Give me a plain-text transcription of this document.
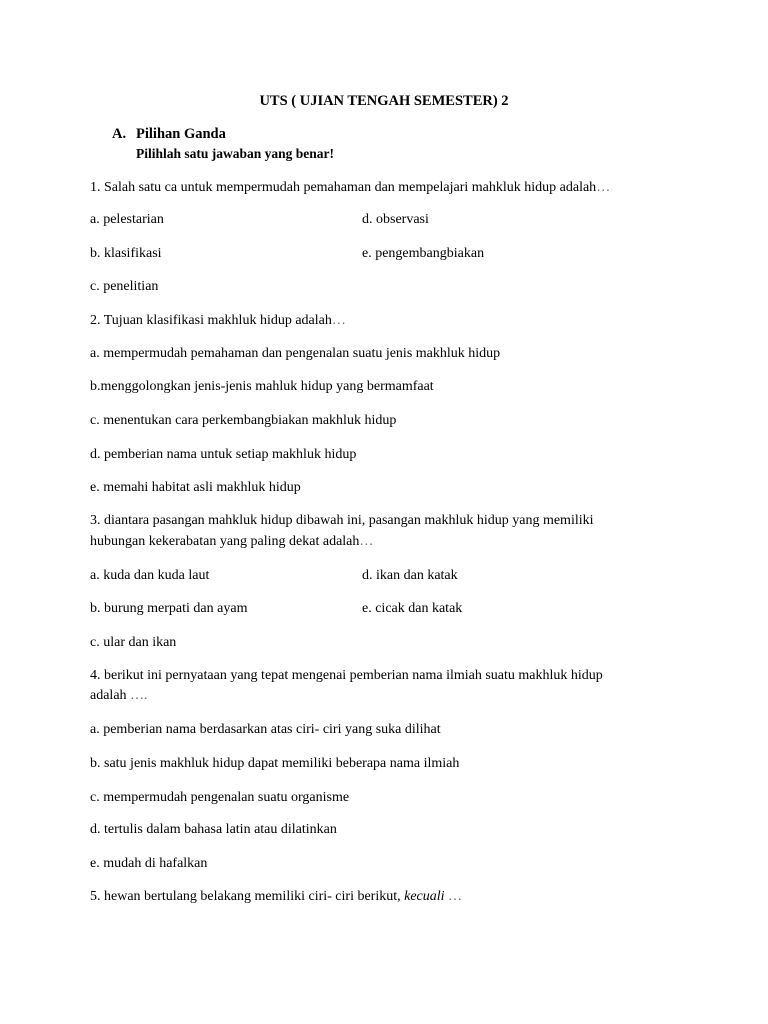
UTS ( UJIAN TENGAH SEMESTER) 2
A. Pilihan Ganda
Pilihlah satu jawaban yang benar!
1. Salah satu ca untuk mempermudah pemahaman dan mempelajari mahkluk hidup adalah…
a. pelestarian	d. observasi
b. klasifikasi	e. pengembangbiakan
c. penelitian
2. Tujuan klasifikasi makhluk hidup adalah…
a. mempermudah pemahaman dan pengenalan suatu jenis makhluk hidup
b.menggolongkan jenis-jenis mahluk hidup yang bermamfaat
c. menentukan cara perkembangbiakan makhluk hidup
d. pemberian nama untuk setiap makhluk hidup
e. memahi habitat asli makhluk hidup
3. diantara pasangan mahkluk hidup dibawah ini, pasangan makhluk hidup yang memiliki
hubungan kekerabatan yang paling dekat adalah…
a. kuda dan kuda laut	d. ikan dan katak
b. burung merpati dan ayam	e. cicak dan katak
c. ular dan ikan
4. berikut ini pernyataan yang tepat mengenai pemberian nama ilmiah suatu makhluk hidup
adalah ….
a. pemberian nama berdasarkan atas ciri- ciri yang suka dilihat
b. satu jenis makhluk hidup dapat memiliki beberapa nama ilmiah
c. mempermudah pengenalan suatu organisme
d. tertulis dalam bahasa latin atau dilatinkan
e. mudah di hafalkan
5. hewan bertulang belakang memiliki ciri- ciri berikut, kecuali …
